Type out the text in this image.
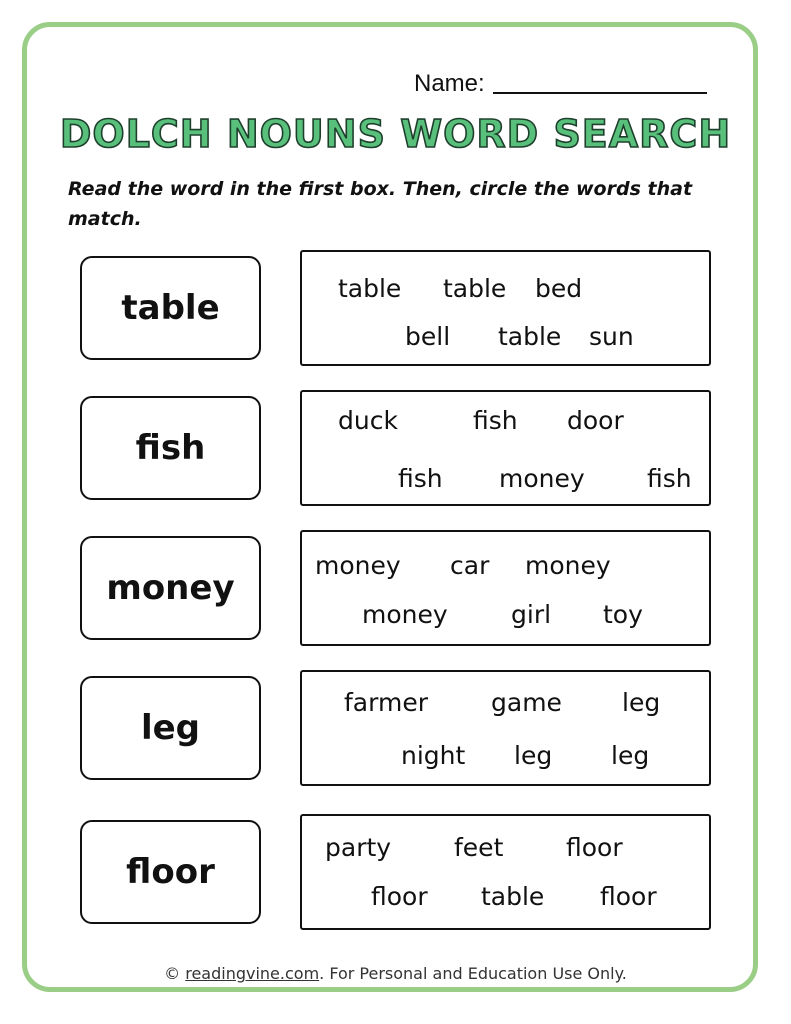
Name:
DOLCH NOUNS WORD SEARCH
Read the word in the first box. Then, circle the words that match.
table	table table bed
bell table sun
fish
duck	fish door
fish money fish
money
money car money
money	girl toy
leg
farmer	game leg
night leg leg
floor
party	feet	floor
floor table floor
© readingvine.com. For Personal and Education Use Only.
